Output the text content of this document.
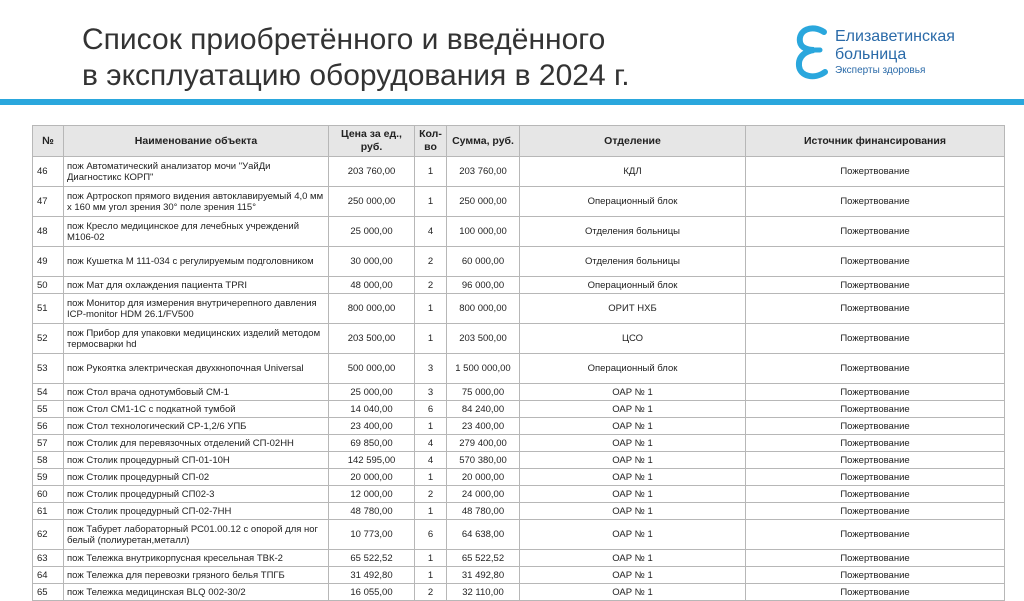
Список приобретённого и введённого
в эксплуатацию оборудования в 2024 г.
Елизаветинская
больница
Эксперты здоровья
№	Наименование объекта	Цена за ед., руб.	Кол-во	Сумма, руб.	Отделение	Источник финансирования
46	пож Автоматический анализатор мочи "УайДи Диагностикс КОРП"	203 760,00	1	203 760,00	КДЛ	Пожертвование
47	пож Артроскоп прямого видения автоклавируемый 4,0 мм х 160 мм угол зрения 30° поле зрения 115°	250 000,00	1	250 000,00	Операционный блок	Пожертвование
48	пож Кресло медицинское для лечебных учреждений М106-02	25 000,00	4	100 000,00	Отделения больницы	Пожертвование
49	пож Кушетка М 111-034 с регулируемым подголовником	30 000,00	2	60 000,00	Отделения больницы	Пожертвование
50	пож Мат для охлаждения пациента TPRI	48 000,00	2	96 000,00	Операционный блок	Пожертвование
51	пож Монитор для измерения внутричерепного давления ICP-monitor HDM 26.1/FV500	800 000,00	1	800 000,00	ОРИТ НХБ	Пожертвование
52	пож Прибор для упаковки медицинских изделий методом термосварки hd	203 500,00	1	203 500,00	ЦСО	Пожертвование
53	пож Рукоятка электрическая двухкнопочная Universal	500 000,00	3	1 500 000,00	Операционный блок	Пожертвование
54	пож Стол врача однотумбовый СМ-1	25 000,00	3	75 000,00	ОАР № 1	Пожертвование
55	пож Стол СМ1-1С с подкатной тумбой	14 040,00	6	84 240,00	ОАР № 1	Пожертвование
56	пож Стол технологический СР-1,2/6 УПБ	23 400,00	1	23 400,00	ОАР № 1	Пожертвование
57	пож Столик для перевязочных отделений СП-02НН	69 850,00	4	279 400,00	ОАР № 1	Пожертвование
58	пож Столик процедурный СП-01-10Н	142 595,00	4	570 380,00	ОАР № 1	Пожертвование
59	пож Столик процедурный СП-02	20 000,00	1	20 000,00	ОАР № 1	Пожертвование
60	пож Столик процедурный СП02-3	12 000,00	2	24 000,00	ОАР № 1	Пожертвование
61	пож Столик процедурный СП-02-7НН	48 780,00	1	48 780,00	ОАР № 1	Пожертвование
62	пож Табурет лабораторный РС01.00.12 с опорой для ног белый (полиуретан,металл)	10 773,00	6	64 638,00	ОАР № 1	Пожертвование
63	пож Тележка внутрикорпусная кресельная ТВК-2	65 522,52	1	65 522,52	ОАР № 1	Пожертвование
64	пож Тележка для перевозки грязного белья ТПГБ	31 492,80	1	31 492,80	ОАР № 1	Пожертвование
65	пож Тележка медицинская BLQ 002-30/2	16 055,00	2	32 110,00	ОАР № 1	Пожертвование
